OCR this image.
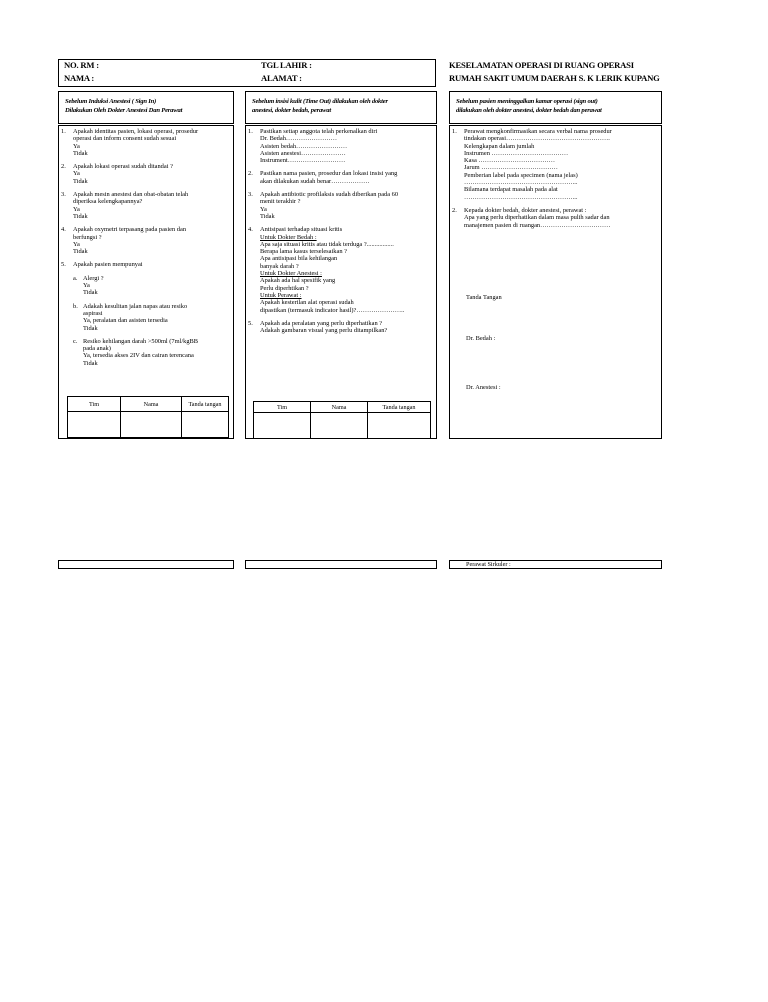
NO. RM :
NAMA :
TGL LAHIR :
ALAMAT :
KESELAMATAN OPERASI DI RUANG OPERASI
RUMAH SAKIT UMUM DAERAH S. K LERIK KUPANG
Sebelum Induksi Anestesi ( Sign In)
Dilakukan Oleh Dokter Anestesi Dan Perawat
1. Apakah identitas pasien, lokasi operasi, prosedur
operasi dan inform consent sudah sesuai
Ya
Tidak
2. Apakah lokasi operasi sudah ditandai ?
Ya
Tidak
3. Apakah mesin anestesi dan obat-obatan telah
diperiksa kelengkapannya?
Ya
Tidak
4. Apakah oxymetri terpasang pada pasien dan
berfungsi ?
Ya
Tidak
5. Apakah pasien mempunyai
a. Alergi ?
Ya
Tidak
b. Adakah kesulitan jalan napas atau resiko
aspirasi
Ya, peralatan dan asisten tersedia
Tidak
c. Resiko kehilangan darah >500ml (7ml/kgBB
pada anak)
Ya, tersedia akses 2IV dan cairan terencana
Tidak
Tim	Nama	Tanda tangan

Sebelum insisi kulit (Time Out) dilakukan oleh dokter
anestesi, dokter bedah, perawat
1. Pastikan setiap anggota telah perkenalkan diri
Dr. Bedah……………………
Asisten bedah……………………
Asisten anestesi…………………
Instrument………………………
2. Pastikan nama pasien, prosedur dan lokasi insisi yang
akan dilakukan sudah benar………………
3. Apakah antibiotic profilaksis sudah diberikan pada 60
menit terakhir ?
Ya
Tidak
4. Antisipasi terhadap situasi kritis
Untuk Dokter Bedah :
Apa saja situasi kritis atau tidak terduga ?.................
Berapa lama kasus terselesaikan ?
Apa antisipasi bila kehilangan
banyak darah ?
Untuk Dokter Anestesi :
Apakah ada hal spesifik yang
Perlu diperhtikan ?
Untuk Perawat :
Apakah kesterilan alat operasi sudah
dipastikan (termasuk indicator hasil)?…………………..
5. Apakah ada peralatan yang perlu diperhatikan ?
Adakah gambaran visual yang perlu ditampilkan?
Tim	Nama	Tanda tangan

Sebelum pasien meninggalkan kamar operasi (sign out)
dilakukan oleh dokter anestesi, dokter bedah dan perawat
1. Perawat mengkonfirmasikan secara verbal nama prosedur
tindakan operasi………………………………………….
Kelengkapan dalam jumlah
Instrumen ………………………………
Kasa ………………………………
Jarum ………………………………
Pemberian label pada specimen (nama jelas)
……………………………………………...
Bilamana terdapat masalah pada alat
……………………………………………...
2. Kepada dokter bedah, dokter anestesi, perawat :
Apa yang perlu diperhatikan dalam masa pulih sadar dan
manajemen pasien di ruangan……………………………
Tanda Tangan
Dr. Bedah :
Dr. Anestesi :
Perawat Sirkuler :
